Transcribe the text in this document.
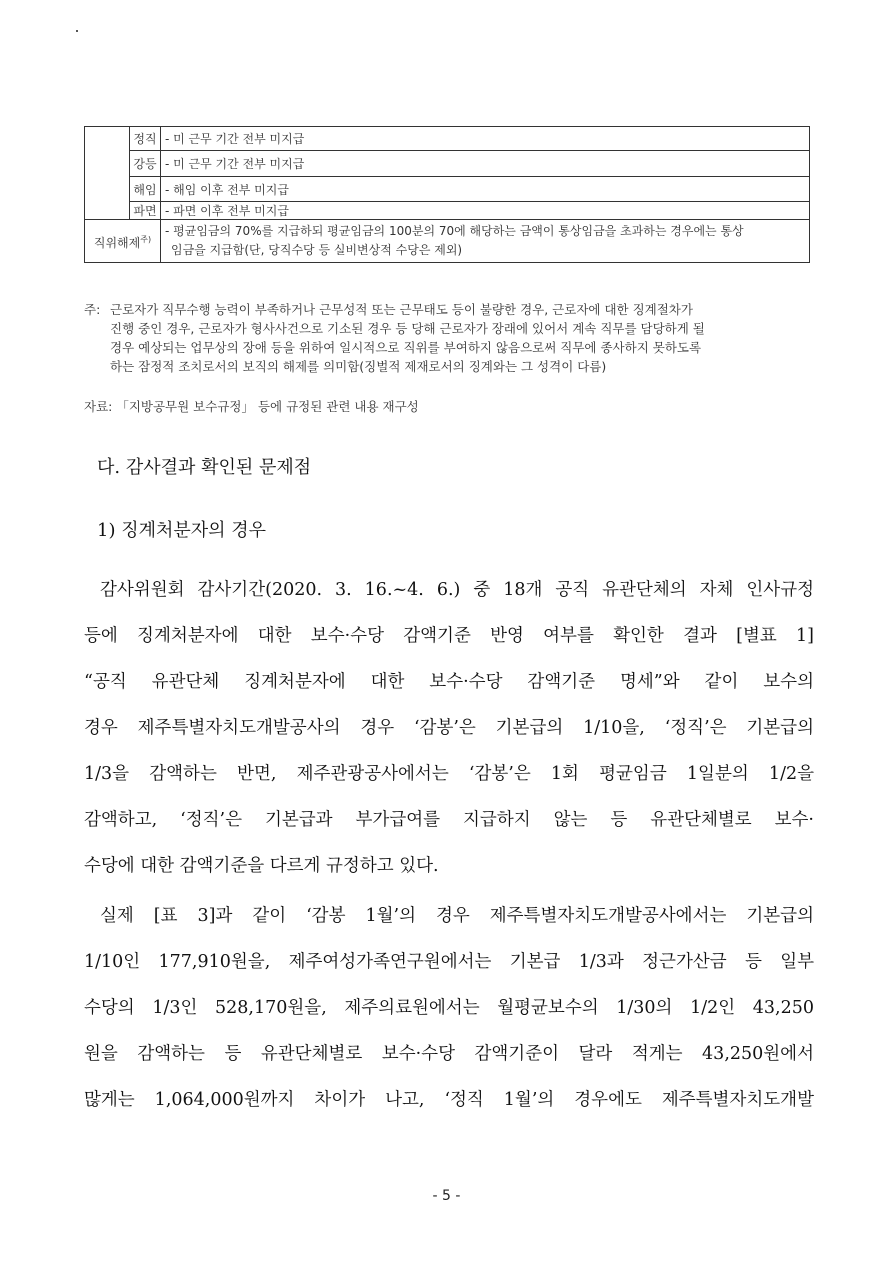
	정직	- 미 근무 기간 전부 미지급
	강등	- 미 근무 기간 전부 미지급
	해임	- 해임 이후 전부 미지급
	파면	- 파면 이후 전부 미지급
직위해제$^{주)}$		- 평균임금의 70%를 지급하되 평균임금의 100분의 70에 해당하는 금액이 통상임금을 초과하는 경우에는 통상
임금을 지급함(단, 당직수당 등 실비변상적 수당은 제외)
주: 근로자가 직무수행 능력이 부족하거나 근무성적 또는 근무태도 등이 불량한 경우, 근로자에 대한 징계절차가
진행 중인 경우, 근로자가 형사사건으로 기소된 경우 등 당해 근로자가 장래에 있어서 계속 직무를 담당하게 될
경우 예상되는 업무상의 장애 등을 위하여 일시적으로 직위를 부여하지 않음으로써 직무에 종사하지 못하도록
하는 잠정적 조치로서의 보직의 해제를 의미함(징벌적 제재로서의 징계와는 그 성격이 다름)
자료: 「지방공무원 보수규정」 등에 규정된 관련 내용 재구성
다. 감사결과 확인된 문제점
1) 징계처분자의 경우
감사위원회 감사기간(2020. 3. 16.~4. 6.) 중 18개 공직 유관단체의 자체 인사규정
등에 징계처분자에 대한 보수·수당 감액기준 반영 여부를 확인한 결과 [별표 1]
“공직 유관단체 징계처분자에 대한 보수·수당 감액기준 명세”와 같이 보수의
경우 제주특별자치도개발공사의 경우 ‘감봉’은 기본급의 1/10을, ‘정직’은 기본급의
1/3을 감액하는 반면, 제주관광공사에서는 ‘감봉’은 1회 평균임금 1일분의 1/2을
감액하고, ‘정직’은 기본급과 부가급여를 지급하지 않는 등 유관단체별로 보수·
수당에 대한 감액기준을 다르게 규정하고 있다.
실제 [표 3]과 같이 ‘감봉 1월’의 경우 제주특별자치도개발공사에서는 기본급의
1/10인 177,910원을, 제주여성가족연구원에서는 기본급 1/3과 정근가산금 등 일부
수당의 1/3인 528,170원을, 제주의료원에서는 월평균보수의 1/30의 1/2인 43,250
원을 감액하는 등 유관단체별로 보수·수당 감액기준이 달라 적게는 43,250원에서
많게는 1,064,000원까지 차이가 나고, ‘정직 1월’의 경우에도 제주특별자치도개발
- 5 -
